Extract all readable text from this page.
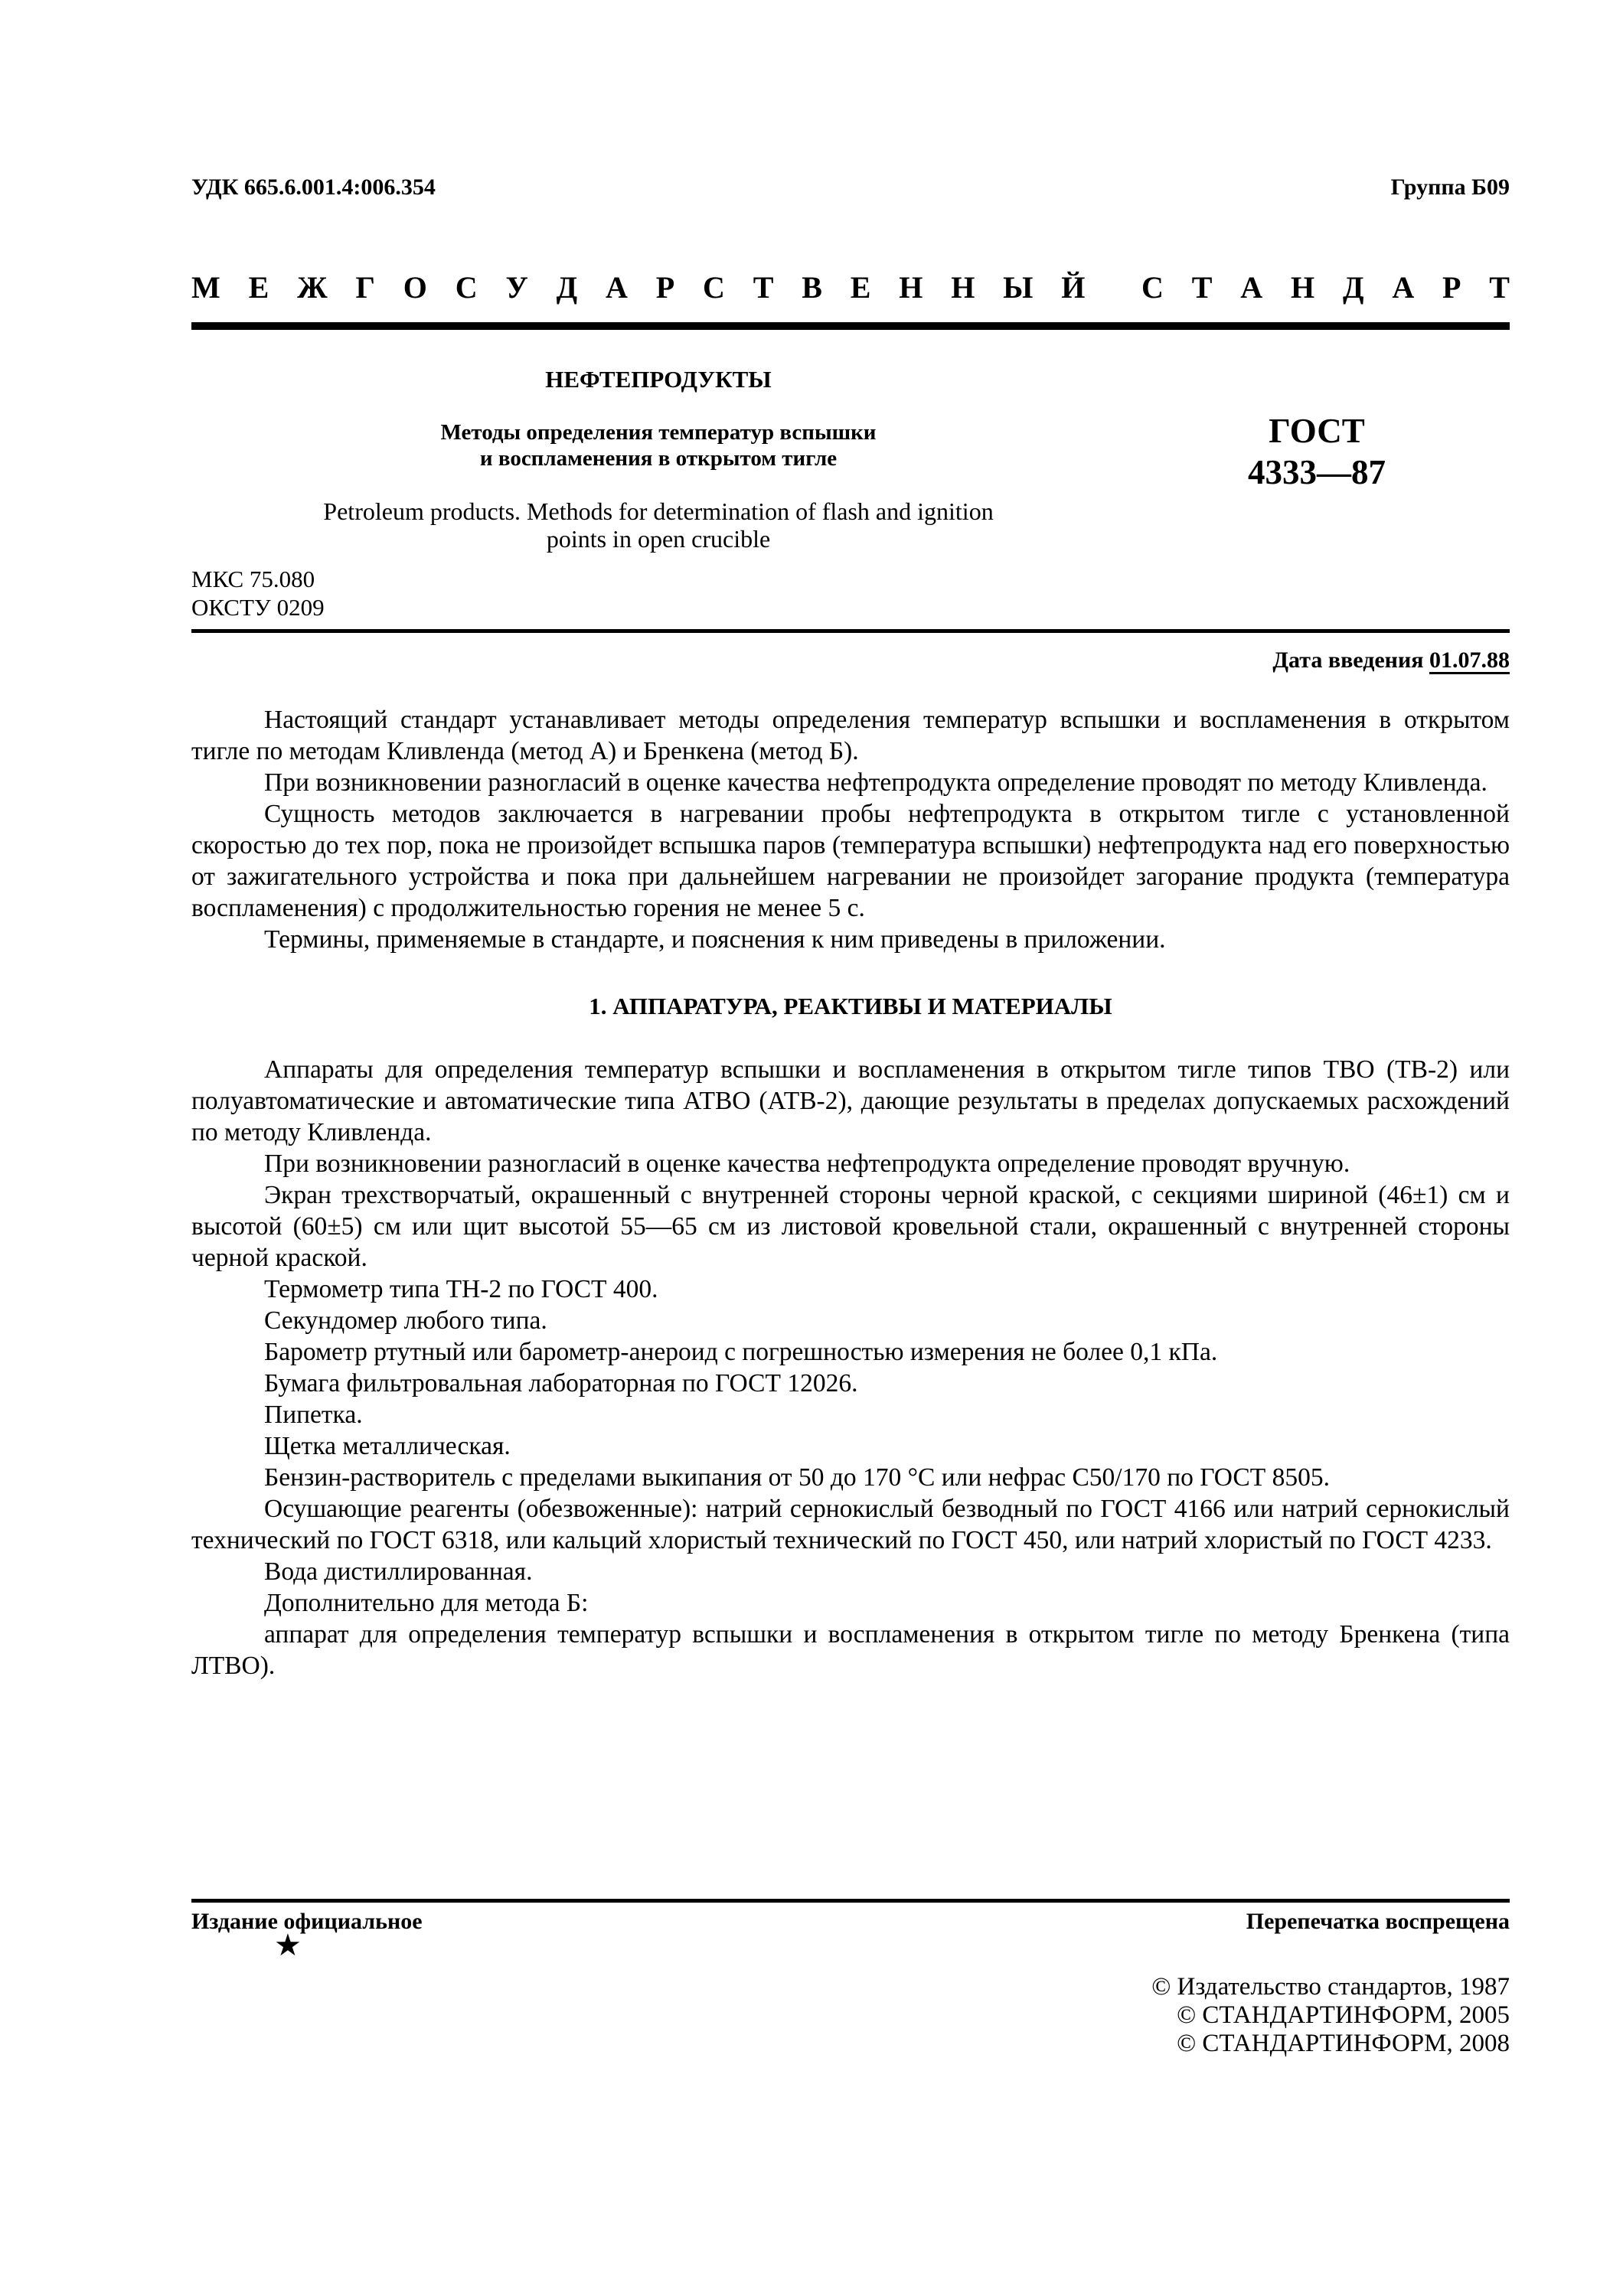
УДК 665.6.001.4:006.354	Группа Б09
М Е Ж Г О С У Д А Р С Т В Е Н Н Ы Й С Т А Н Д А Р Т
НЕФТЕПРОДУКТЫ
Методы определения температур вспышки
и воспламенения в открытом тигле
ГОСТ
4333—87
Petroleum products. Methods for determination of flash and ignition
points in open crucible
МКС 75.080
ОКСТУ 0209
Дата введения 01.07.88

Настоящий стандарт устанавливает методы определения температур вспышки и воспламенения в открытом тигле по методам Кливленда (метод А) и Бренкена (метод Б).

При возникновении разногласий в оценке качества нефтепродукта определение проводят по методу Кливленда.

Сущность методов заключается в нагревании пробы нефтепродукта в открытом тигле с установленной скоростью до тех пор, пока не произойдет вспышка паров (температура вспышки) нефтепродукта над его поверхностью от зажигательного устройства и пока при дальнейшем нагревании не произойдет загорание продукта (температура воспламенения) с продолжительностью горения не менее 5 с.

Термины, применяемые в стандарте, и пояснения к ним приведены в приложении.

1. АППАРАТУРА, РЕАКТИВЫ И МАТЕРИАЛЫ

Аппараты для определения температур вспышки и воспламенения в открытом тигле типов ТВО (ТВ-2) или полуавтоматические и автоматические типа АТВО (АТВ-2), дающие результаты в пределах допускаемых расхождений по методу Кливленда.

При возникновении разногласий в оценке качества нефтепродукта определение проводят вручную.

Экран трехстворчатый, окрашенный с внутренней стороны черной краской, с секциями шириной (46±1) см и высотой (60±5) см или щит высотой 55—65 см из листовой кровельной стали, окрашенный с внутренней стороны черной краской.

Термометр типа ТН-2 по ГОСТ 400.

Секундомер любого типа.

Барометр ртутный или барометр-анероид с погрешностью измерения не более 0,1 кПа.

Бумага фильтровальная лабораторная по ГОСТ 12026.

Пипетка.

Щетка металлическая.

Бензин-растворитель с пределами выкипания от 50 до 170 °С или нефрас С50/170 по ГОСТ 8505.

Осушающие реагенты (обезвоженные): натрий сернокислый безводный по ГОСТ 4166 или натрий сернокислый технический по ГОСТ 6318, или кальций хлористый технический по ГОСТ 450, или натрий хлористый по ГОСТ 4233.

Вода дистиллированная.

Дополнительно для метода Б:

аппарат для определения температур вспышки и воспламенения в открытом тигле по методу Бренкена (типа ЛТВО).

Издание официальное
★
Перепечатка воспрещена
© Издательство стандартов, 1987
© СТАНДАРТИНФОРМ, 2005
© СТАНДАРТИНФОРМ, 2008
